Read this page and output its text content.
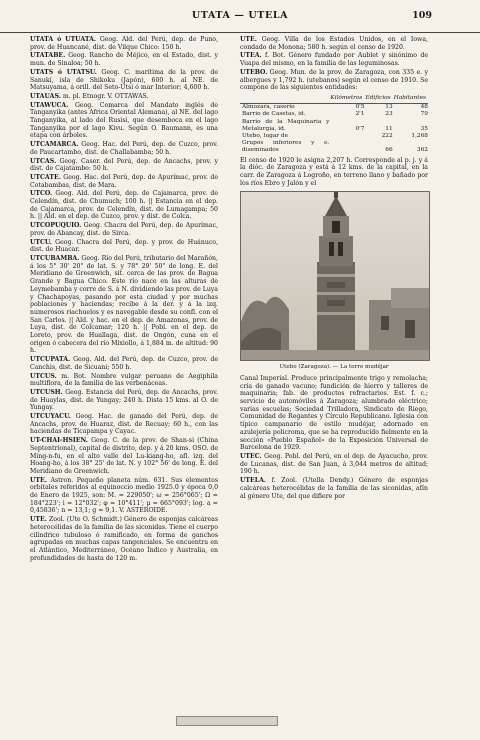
UTATA — UTELA	109
UTATA ó UTUATA. Geog. Ald. del Perú, dep. de Puno, prov. de Huancané, dist. de Vilque Chico: 150 h.
UTATABE. Geog. Rancho de Méjico, en el Estado, dist. y mun. de Sinaloa; 50 h.
UTATS ó UTATSU. Geog. C. marítima de la prov. de Sanukí, isla de Shikoku (Japón), 600 h. al NE. de Matsuyama, á orill. del Seto-Utsi ó mar Interior; 4,600 h.
UTAUAS. m. pl. Etnogr. V. OTTAWAS.
UTAWUCA. Geog. Comarca del Mandato inglés de Tanganyika (antes Africa Oriental Alemana), al NE. del lago Tanganyika, al lado del Rusisi, que desemboca en el lago Tanganyika por el lago Kivu. Según O. Baumann, es una etapa con árboles.
UTCAMARCA. Geog. Hac. del Perú, dep. de Cuzco, prov. de Paucartambo, dist. de Challabamba; 50 h.
UTCAS. Geog. Caser. del Perú, dep. de Ancachs, prov. y dist. de Cajatambo: 50 h.
UTCATE. Geog. Hac. del Perú, dep. de Apurímac, prov. de Cotabambas, dist. de Mara.
UTCO. Geog. Ald. del Perú, dep. de Cajamarca, prov. de Celendín, dist. de Chumuch; 100 h. || Estancia en el dep. de Cajamarca, prov. de Celendín, dist. de Lumagampa; 50 h. || Ald. en el dep. de Cuzco, prov. y dist. de Colca.
UTCOPUQUIO. Geog. Chacra del Perú, dep. de Apurímac, prov. de Abancay, dist. de Sirca.
UTCU. Geog. Chacra del Perú, dep. y prov. de Huánuco, dist. de Huacar.
UTCUBAMBA. Geog. Río del Perú, tributario del Marañón, á los 5° 30' 20" de lat. S. y 78° 29' 50" de long. E. del Meridiano de Greenwich, sit. cerca de las prov. de Bagua Grande y Bagua Chico. Este río nace en las alturas de Leymebamba y corre de S. á N. dividiendo las prov. de Luya y Chachapoyas, pasando por esta ciudad y por muchas poblaciones y haciendas; recibe á la der. y á la izq. numerosos riachuelos y es navegable desde su confl. con el San Carlos. || Ald. y hac. en el dep. de Amazonas, prov. de Luya, dist. de Colcamar; 120 h. || Pobl. en el dep. de Loreto, prov. de Huallaga, dist. de Ongón, cuna en el origen ó cabecera del río Mixiollo, á 1,884 m. de altitud: 90 h.
UTCUPATA. Geog. Ald. del Perú, dep. de Cuzco, prov. de Canchis, dist. de Sicuani; 550 h.
UTCUS. m. Bot. Nombre vulgar peruano de Aegiphila multiflora, de la familia de las verbenáceas.
UTCUSH. Geog. Estancia del Perú, dep. de Ancachs, prov. de Huaylas, dist. de Yungay; 240 h. Dista 15 kms. al O. de Yungay.
UTCUYACU. Geog. Hac. de ganado del Perú, dep. de Ancachs, prov. de Huaraz, dist. de Recuay; 60 h., con las haciendas de Ticapampa y Cayac.
UT-CHAI-HSIEN. Geog. C. de la prov. de Shan-si (China Septentrional), capital de distrito, dep. y á 20 kms. OSO. de Ming-n-fu, en el alto valle del Lu-kiang-ho, afl. izq. del Hoang-ho, á los 38° 25' de lat. N. y 102° 56' de long. E. del Meridiano de Greenwich.
UTE. Astron. Pequeño planeta núm. 631. Sus elementos orbitales referidos al equinoccio medio 1925.0 y época 0,0 de Enero de 1925, son: M. = 229050'; ω = 256°065'; Ω = 184°223'; i = 12°032'; φ = 10°411'; μ = 665°093'; log. a = 0,45836'; n = 13,1; g = 9,1. V. ASTEROIDE.
UTE. Zool. (Ute O. Schmidt.) Género de esponjas calcáreas heterocélidas de la familia de las siconidas. Tiene el cuerpo cilíndrico tubuloso ó ramificado, en forma de ganchos agrupadas en muchas capas tangenciales. Se encuentra en el Atlántico, Mediterráneo, Océano Índico y Australia, en profundidades de hasta de 120 m.
UTE. Geog. Villa de los Estados Unidos, en el Iowa, condado de Monona; 580 h. según el censo de 1920.
UTEA. f. Bot. Género fundado por Aublet y sinónimo de Vuapa del mismo, en la familia de las leguminosas.
UTEBO. Geog. Mun. de la prov. de Zaragoza, con 335 e. y albergues y 1,792 h. (utebanos) según el censo de 1910. Se compone de las siguientes entidades:
	Kilómetros	Edificios	Habitantes
Almozara, caserío	0'5	13	48
Barrio de Casetas, id.	2'1	23	79
Barrio de la Maquinaria y Metalurgia, id.	0'7	11	35
Utebo, lugar de		222	1,268
Grupos inferiores y e. diseminados		66	362
El censo de 1920 le asigna 2,207 h. Corresponde al p. j. y á la dióc. de Zaragoza y está á 12 kms. de la capital, en la carr. de Zaragoza á Logroño, en terreno llano y bañado por los ríos Ebro y Jalón y el
Utebo (Zaragoza). — La torre mudéjar
Canal Imperial. Produce principalmente trigo y remolacha; cría de ganado vacuno; fundición de hierro y talleres de maquinaria; fab. de productos refractarios. Est. f. c.; servicio de automóviles á Zaragoza; alumbrado eléctrico; varias escuelas; Sociedad Trilladora, Sindicato de Riego, Comunidad de Regantes y Círculo Republicano. Iglesia con típico campanario de estilo mudéjar, adornado en azulejería policroma, que se ha reproducido fielmente en la sección «Pueblo Español» de la Exposición Universal de Barcelona de 1929.
UTEC. Geog. Pobl. del Perú, en el dep. de Ayacucho, prov. de Lucanas, dist. de San Juan, á 3,044 metros de altitud; 190 h.
UTELA. f. Zool. (Utella Dendy.) Género de esponjas calcáreas heterocélidas de la familia de las siconidas, afín al género Ute, del que difiere por
